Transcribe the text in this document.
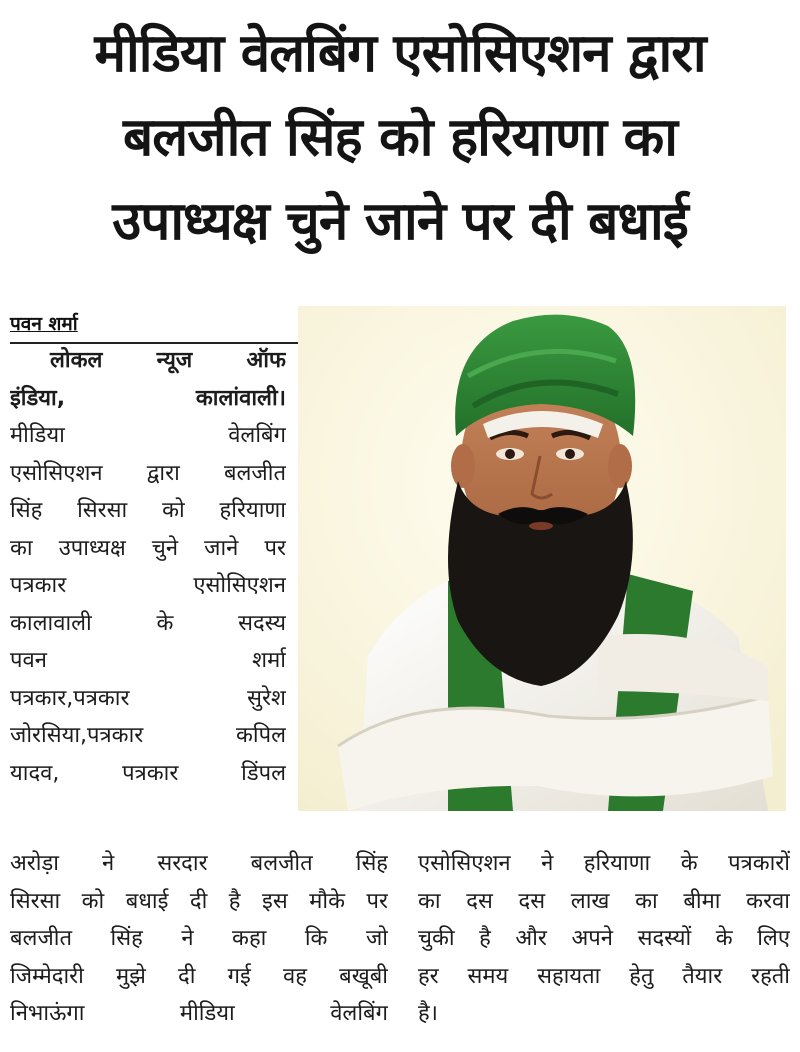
मीडिया वेलबिंग एसोसिएशन द्वारा
बलजीत सिंह को हरियाणा का
उपाध्यक्ष चुने जाने पर दी बधाई
पवन शर्मा
लोकल न्यूज ऑफ
इंडिया, कालांवाली।
मीडिया वेलबिंग
एसोसिएशन द्वारा बलजीत
सिंह सिरसा को हरियाणा
का उपाध्यक्ष चुने जाने पर
पत्रकार एसोसिएशन
कालावाली के सदस्य
पवन शर्मा
पत्रकार,पत्रकार सुरेश
जोरसिया,पत्रकार कपिल
यादव, पत्रकार डिंपल
अरोड़ा ने सरदार बलजीत सिंह
सिरसा को बधाई दी है इस मौके पर
बलजीत सिंह ने कहा कि जो
जिम्मेदारी मुझे दी गई वह बखूबी
निभाऊंगा मीडिया वेलबिंग
एसोसिएशन ने हरियाणा के पत्रकारों
का दस दस लाख का बीमा करवा
चुकी है और अपने सदस्यों के लिए
हर समय सहायता हेतु तैयार रहती
है।
